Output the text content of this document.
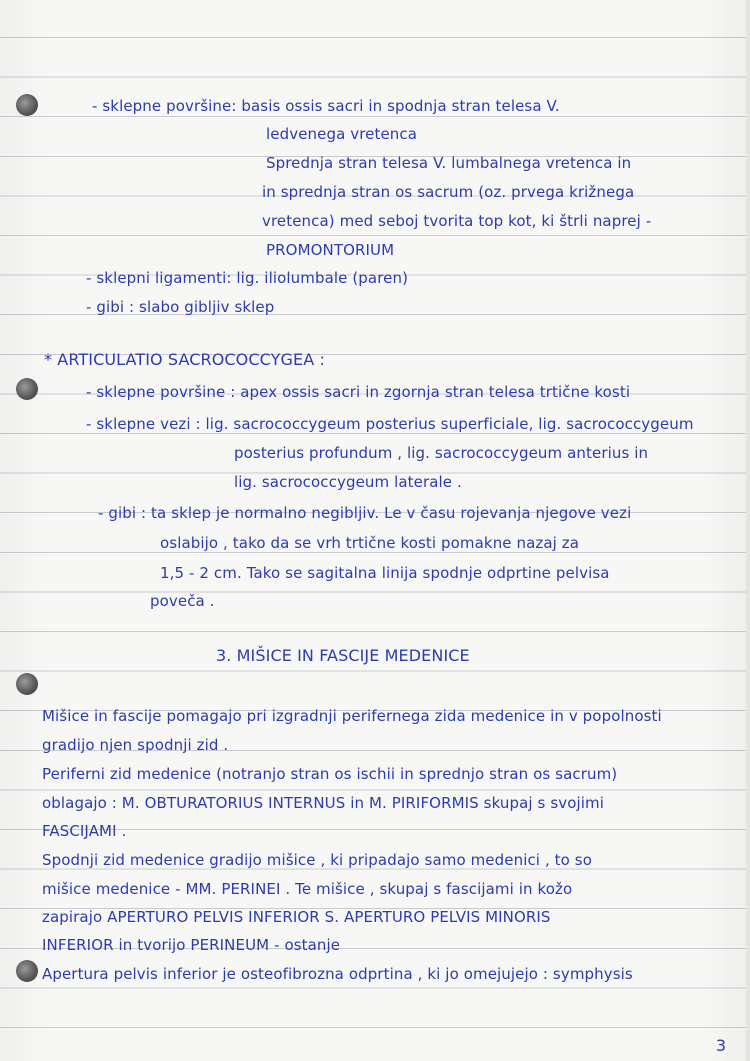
- sklepne površine: basis ossis sacri in spodnja stran telesa V.
ledvenega vretenca
Sprednja stran telesa V. lumbalnega vretenca in
in sprednja stran os sacrum (oz. prvega križnega
vretenca) med seboj tvorita top kot, ki štrli naprej -
PROMONTORIUM
- sklepni ligamenti: lig. iliolumbale (paren)
- gibi : slabo gibljiv sklep
* ARTICULATIO SACROCOCCYGEA :
- sklepne površine : apex ossis sacri in zgornja stran telesa trtične kosti
- sklepne vezi : lig. sacrococcygeum posterius superficiale, lig. sacrococcygeum
posterius profundum , lig. sacrococcygeum anterius in
lig. sacrococcygeum laterale .
- gibi : ta sklep je normalno negibljiv. Le v času rojevanja njegove vezi
oslabijo , tako da se vrh trtične kosti pomakne nazaj za
1,5 - 2 cm. Tako se sagitalna linija spodnje odprtine pelvisa
poveča .
3. MIŠICE IN FASCIJE MEDENICE
Mišice in fascije pomagajo pri izgradnji perifernega zida medenice in v popolnosti
gradijo njen spodnji zid .
Periferni zid medenice (notranjo stran os ischii in sprednjo stran os sacrum)
oblagajo : M. OBTURATORIUS INTERNUS in M. PIRIFORMIS skupaj s svojimi
FASCIJAMI .
Spodnji zid medenice gradijo mišice , ki pripadajo samo medenici , to so
mišice medenice - MM. PERINEI . Te mišice , skupaj s fascijami in kožo
zapirajo APERTURO PELVIS INFERIOR S. APERTURO PELVIS MINORIS
INFERIOR in tvorijo PERINEUM - ostanje
Apertura pelvis inferior je osteofibrozna odprtina , ki jo omejujejo : symphysis
3
